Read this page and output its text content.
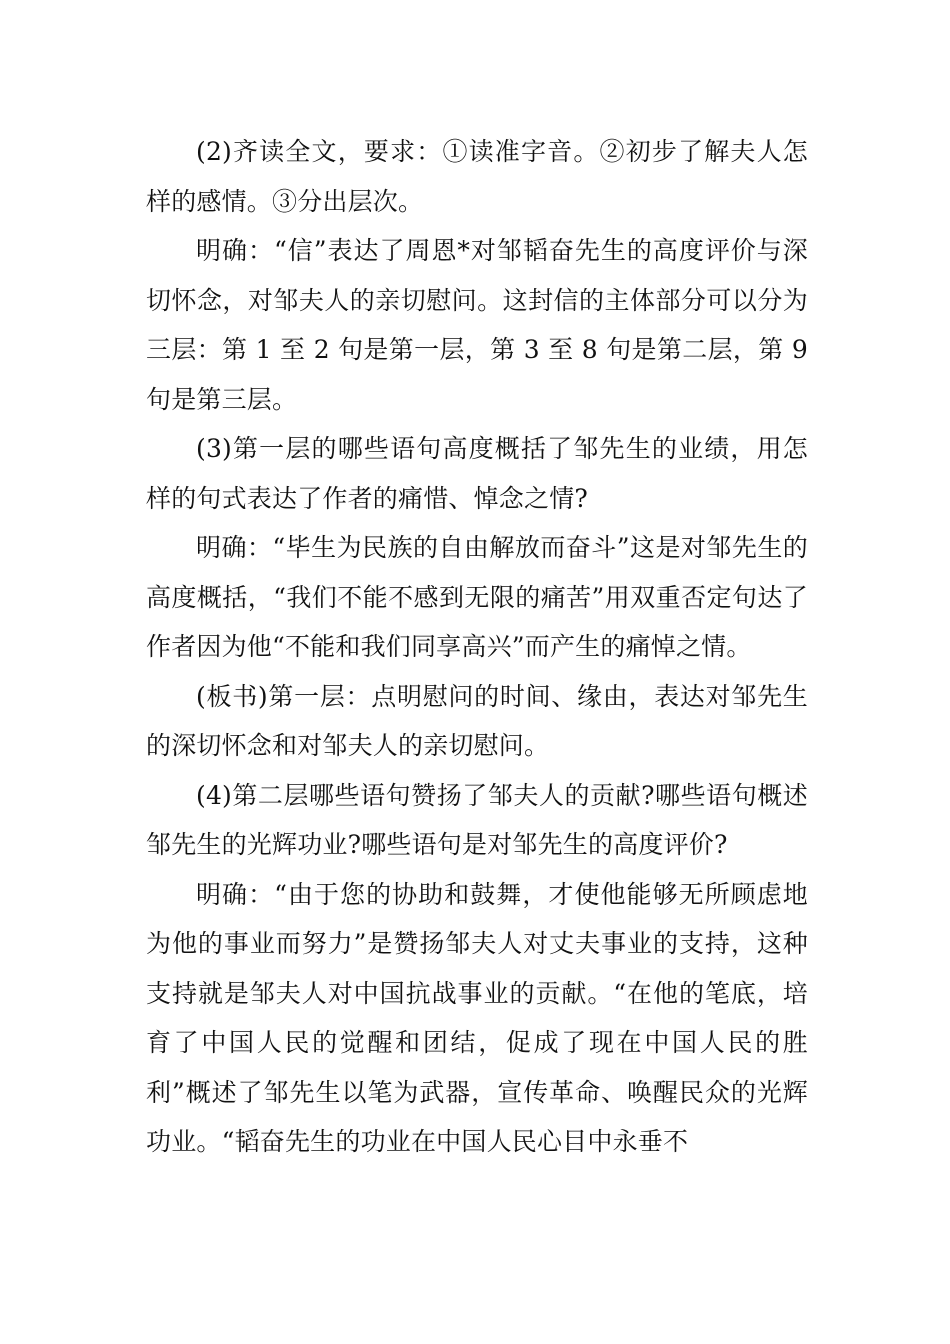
(2)齐读全文，要求：①读准字音。②初步了解夫人怎样的感情。③分出层次。

明确：“信”表达了周恩*对邹韬奋先生的高度评价与深切怀念，对邹夫人的亲切慰问。这封信的主体部分可以分为三层：第 1 至 2 句是第一层，第 3 至 8 句是第二层，第 9 句是第三层。

(3)第一层的哪些语句高度概括了邹先生的业绩，用怎样的句式表达了作者的痛惜、悼念之情?

明确：“毕生为民族的自由解放而奋斗”这是对邹先生的高度概括，“我们不能不感到无限的痛苦”用双重否定句达了作者因为他“不能和我们同享高兴”而产生的痛悼之情。

(板书)第一层：点明慰问的时间、缘由，表达对邹先生的深切怀念和对邹夫人的亲切慰问。

(4)第二层哪些语句赞扬了邹夫人的贡献?哪些语句概述邹先生的光辉功业?哪些语句是对邹先生的高度评价?

明确：“由于您的协助和鼓舞，才使他能够无所顾虑地为他的事业而努力”是赞扬邹夫人对丈夫事业的支持，这种支持就是邹夫人对中国抗战事业的贡献。“在他的笔底，培育了中国人民的觉醒和团结，促成了现在中国人民的胜利”概述了邹先生以笔为武器，宣传革命、唤醒民众的光辉功业。“韬奋先生的功业在中国人民心目中永垂不
